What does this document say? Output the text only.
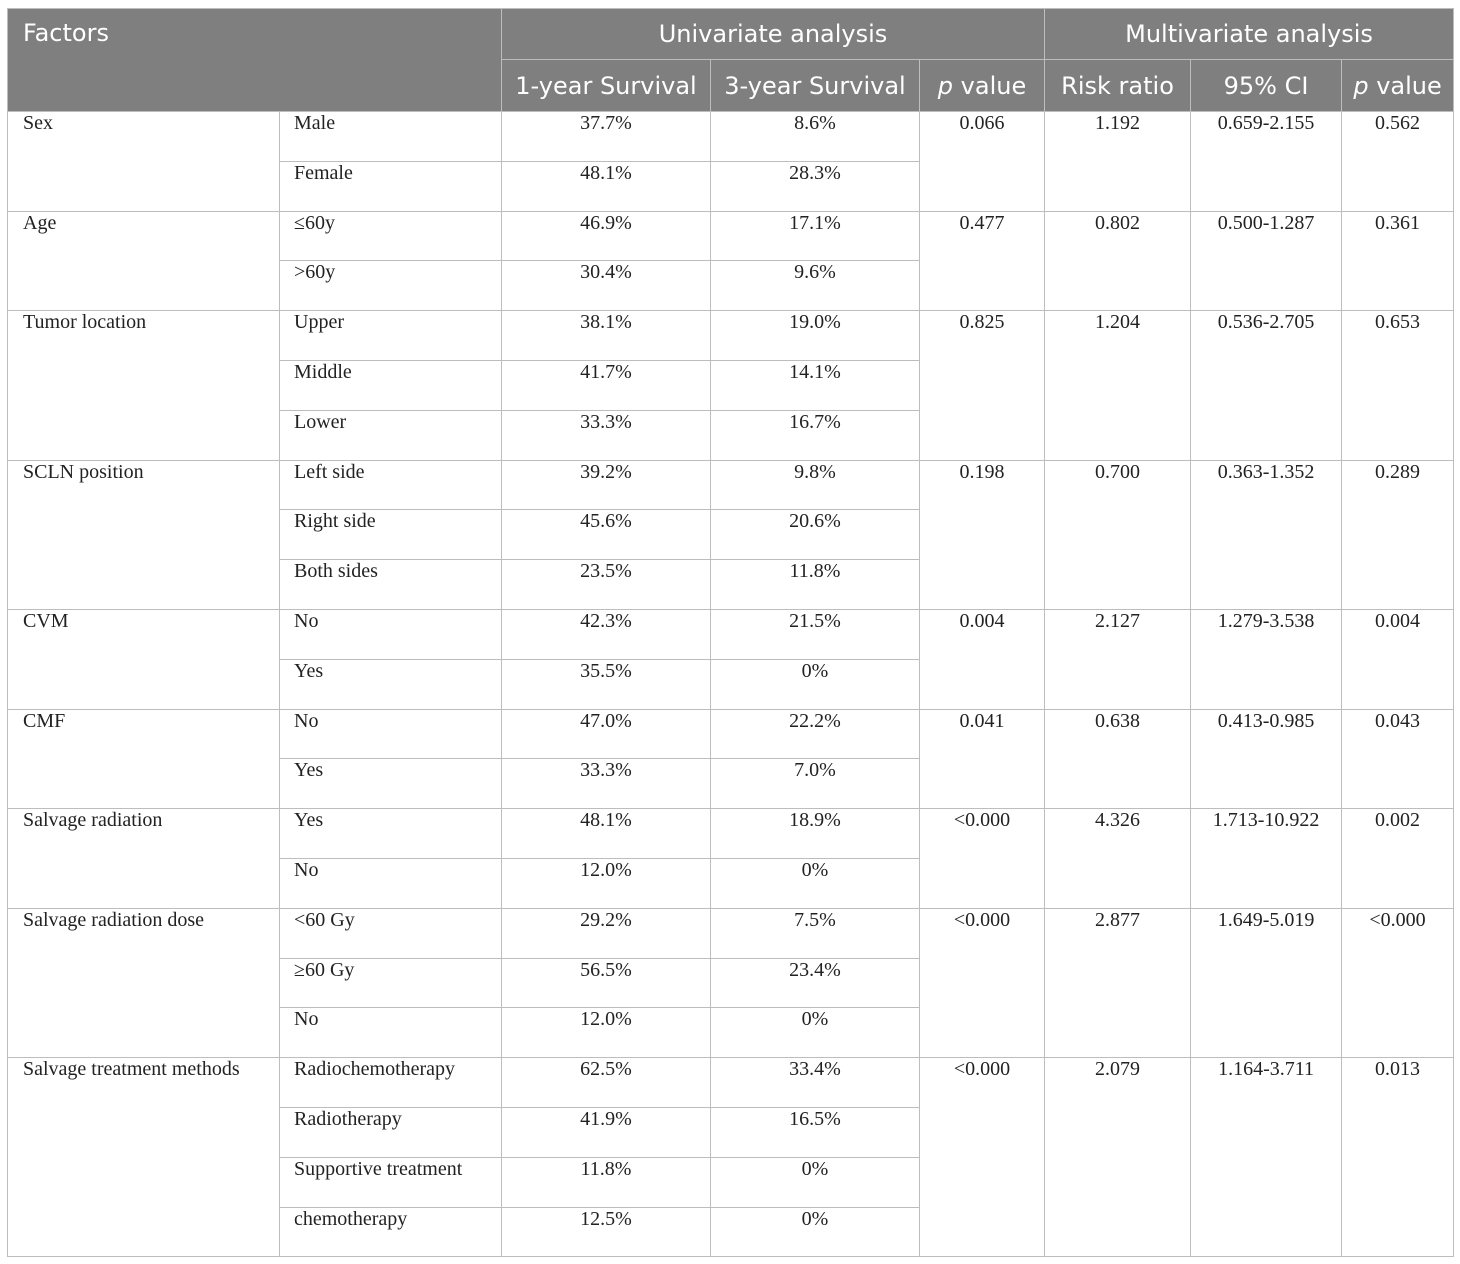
Factors		Univariate analysis			Multivariate analysis		
		1-year Survival	3-year Survival	p value	Risk ratio	95% CI	p value
Sex	Male	37.7%	8.6%	0.066	1.192	0.659-2.155	0.562
	Female	48.1%	28.3%				
Age	≤60y	46.9%	17.1%	0.477	0.802	0.500-1.287	0.361
	>60y	30.4%	9.6%				
Tumor location	Upper	38.1%	19.0%	0.825	1.204	0.536-2.705	0.653
	Middle	41.7%	14.1%				
	Lower	33.3%	16.7%				
SCLN position	Left side	39.2%	9.8%	0.198	0.700	0.363-1.352	0.289
	Right side	45.6%	20.6%				
	Both sides	23.5%	11.8%				
CVM	No	42.3%	21.5%	0.004	2.127	1.279-3.538	0.004
	Yes	35.5%	0%				
CMF	No	47.0%	22.2%	0.041	0.638	0.413-0.985	0.043
	Yes	33.3%	7.0%				
Salvage radiation	Yes	48.1%	18.9%	<0.000	4.326	1.713-10.922	0.002
	No	12.0%	0%				
Salvage radiation dose	<60 Gy	29.2%	7.5%	<0.000	2.877	1.649-5.019	<0.000
	≥60 Gy	56.5%	23.4%				
	No	12.0%	0%				
Salvage treatment methods	Radiochemotherapy	62.5%	33.4%	<0.000	2.079	1.164-3.711	0.013
	Radiotherapy	41.9%	16.5%				
	Supportive treatment	11.8%	0%				
	chemotherapy	12.5%	0%				
